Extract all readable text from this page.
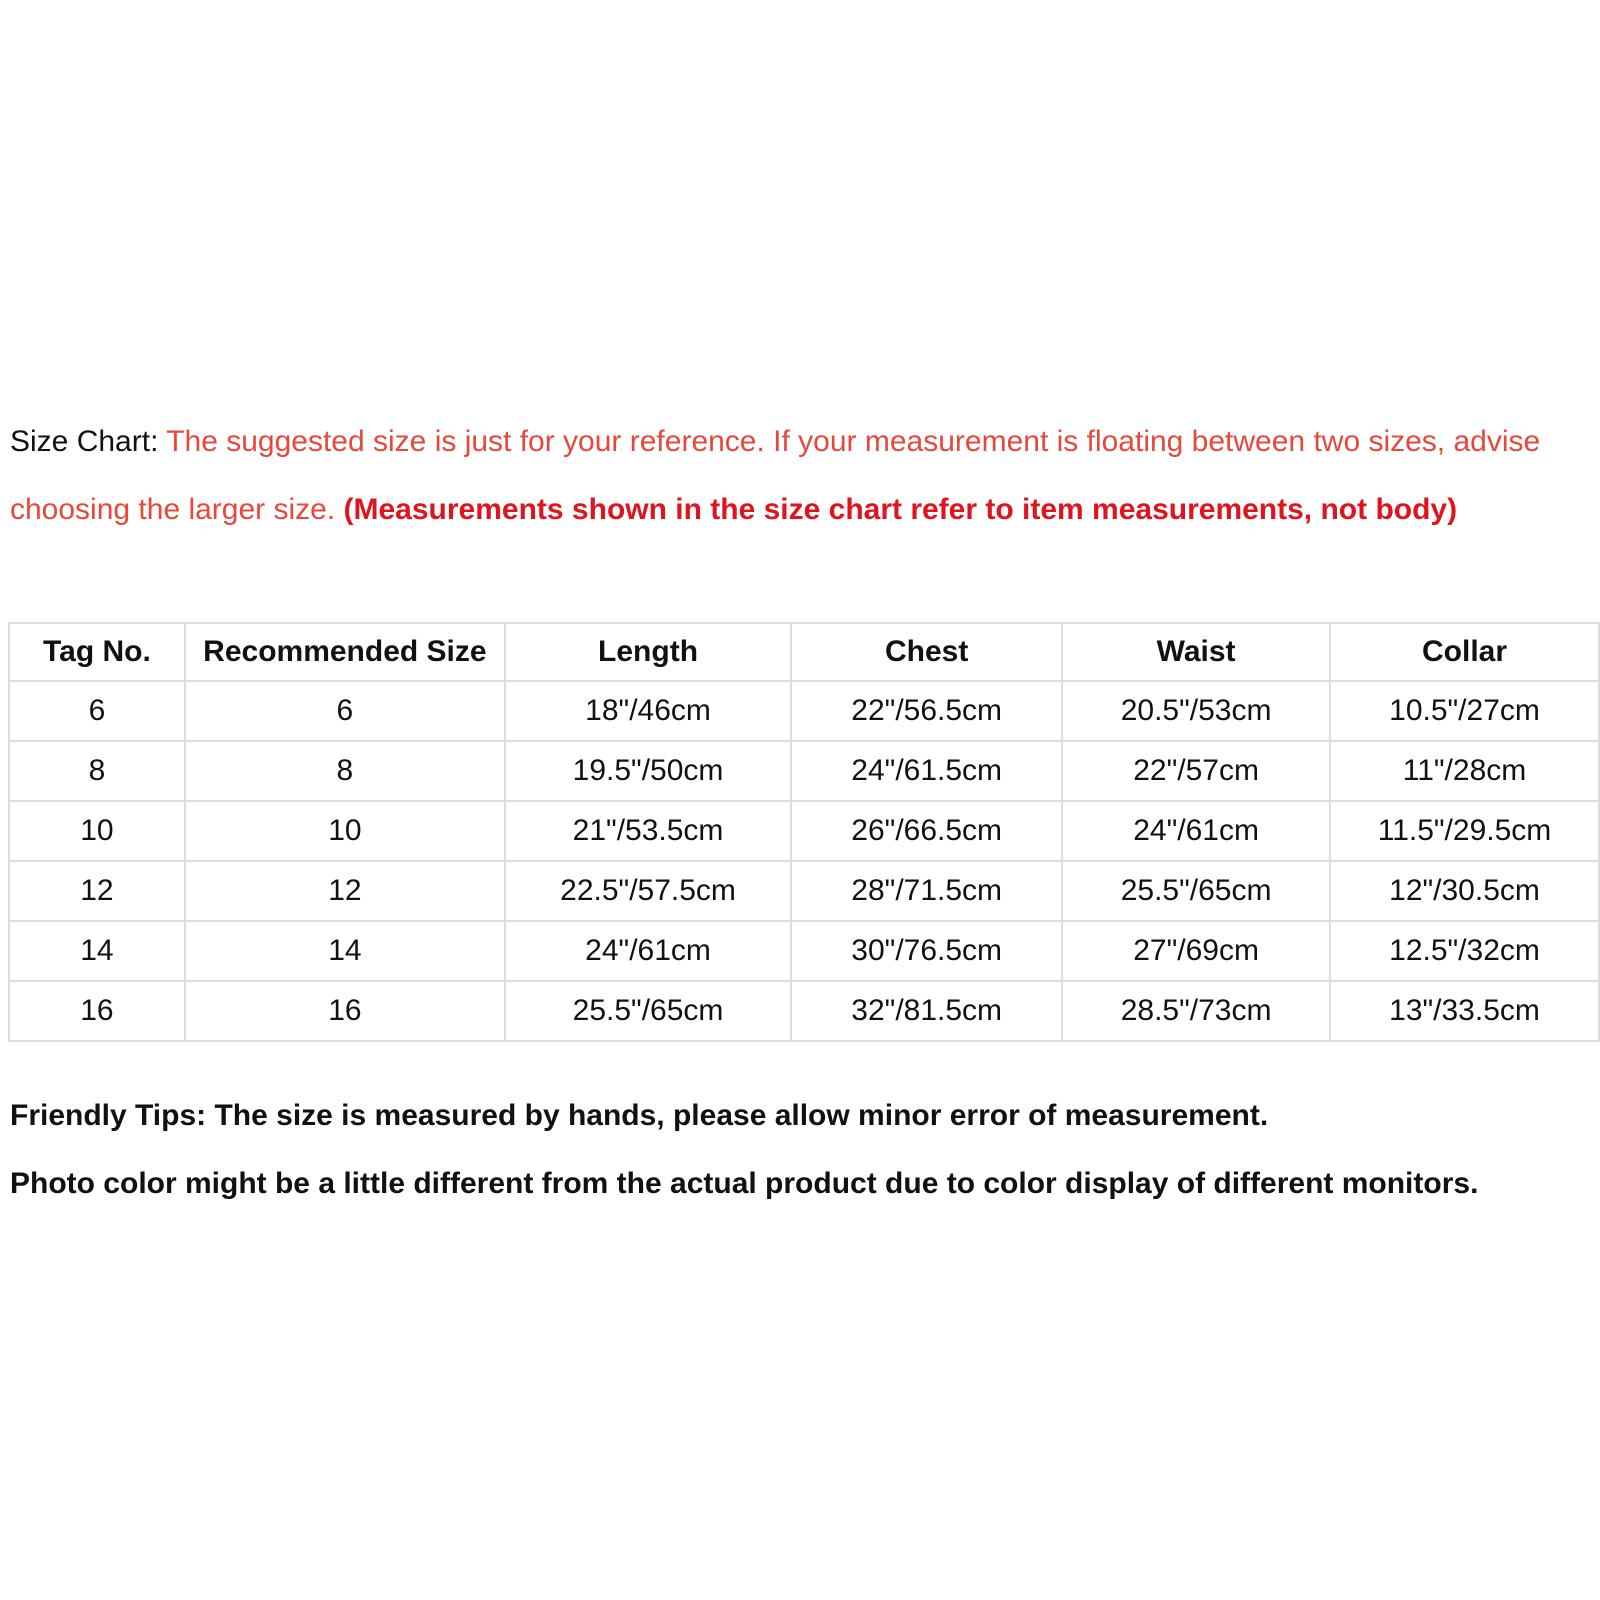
Size Chart: The suggested size is just for your reference. If your measurement is floating between two sizes, advise choosing the larger size. (Measurements shown in the size chart refer to item measurements, not body)
Tag No.	Recommended Size	Length	Chest	Waist	Collar
6	6	18"/46cm	22"/56.5cm	20.5"/53cm	10.5"/27cm
8	8	19.5"/50cm	24"/61.5cm	22"/57cm	11"/28cm
10	10	21"/53.5cm	26"/66.5cm	24"/61cm	11.5"/29.5cm
12	12	22.5"/57.5cm	28"/71.5cm	25.5"/65cm	12"/30.5cm
14	14	24"/61cm	30"/76.5cm	27"/69cm	12.5"/32cm
16	16	25.5"/65cm	32"/81.5cm	28.5"/73cm	13"/33.5cm
Friendly Tips: The size is measured by hands, please allow minor error of measurement.
Photo color might be a little different from the actual product due to color display of different monitors.
